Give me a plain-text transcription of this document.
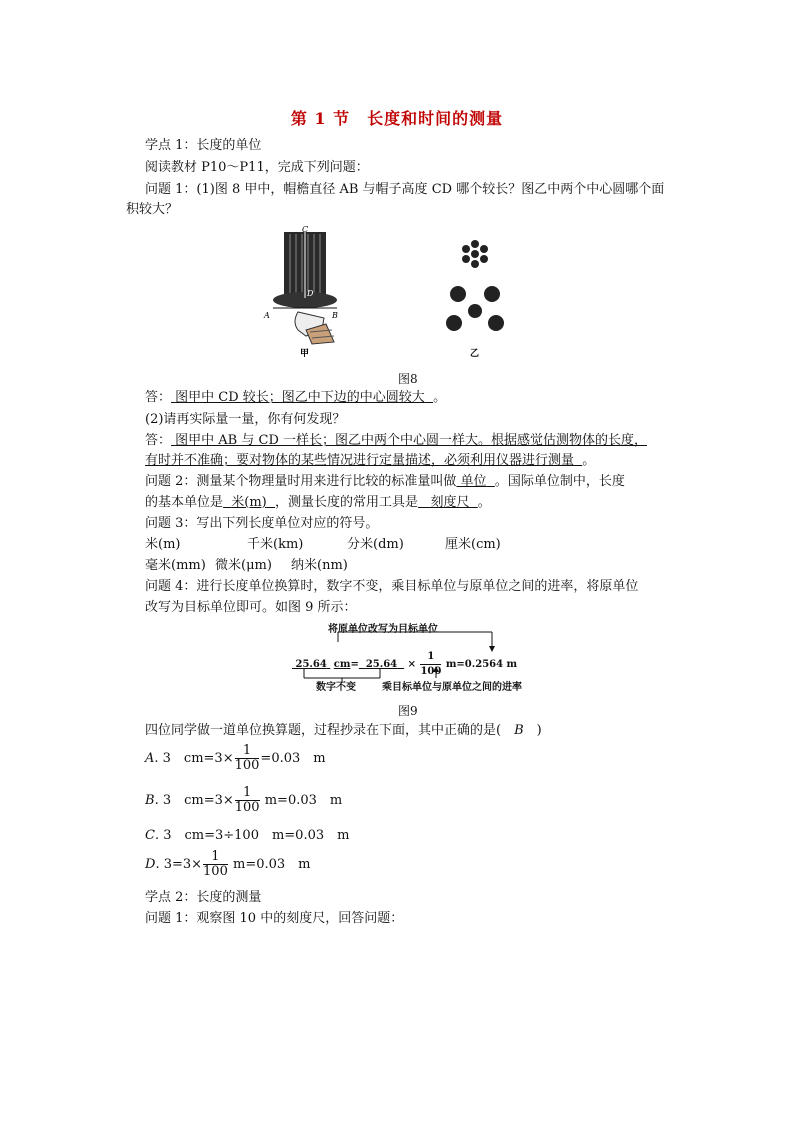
第 1 节　长度和时间的测量
学点 1：长度的单位
阅读教材 P10～P11，完成下列问题：
问题 1：(1)图 8 甲中，帽檐直径 AB 与帽子高度 CD 哪个较长？图乙中两个中心圆哪个面
积较大？
C
D
A	B
甲	乙
图8
答： 图甲中 CD 较长；图乙中下边的中心圆较大 。
(2)请再实际量一量，你有何发现？
答： 图甲中 AB 与 CD 一样长；图乙中两个中心圆一样大。根据感觉估测物体的长度，
有时并不准确；要对物体的某些情况进行定量描述，必须利用仪器进行测量 。
问题 2：测量某个物理量时用来进行比较的标准量叫做 单位 。国际单位制中，长度
的基本单位是 米(m) ，测量长度的常用工具是 刻度尺 。
问题 3：写出下列长度单位对应的符号。
米(m)	千米(km)	分米(dm)	厘米(cm)
毫米(mm) 微米(μm) 纳米(nm)
问题 4：进行长度单位换算时，数字不变，乘目标单位与原单位之间的进率，将原单位
改写为目标单位即可。如图 9 所示：
将原单位改写为目标单位
25.64 $cm= 25.64 \times \frac{1}{100} m=0.2564$ m
数字不变	乘目标单位与原单位之间的进率
图9
四位同学做一道单位换算题，过程抄录在下面，其中正确的是(　B　)
A. 3　$cm=3\times \frac{1}{100} =0.03$　m
B. 3　$cm=3\times \frac{1}{100} m=0.03$　m
C. 3　cm=3÷100　m=0.03　m
D. $3=3\times \frac{1}{100} m=0.03$　m
学点 2：长度的测量
问题 1：观察图 10 中的刻度尺，回答问题：
